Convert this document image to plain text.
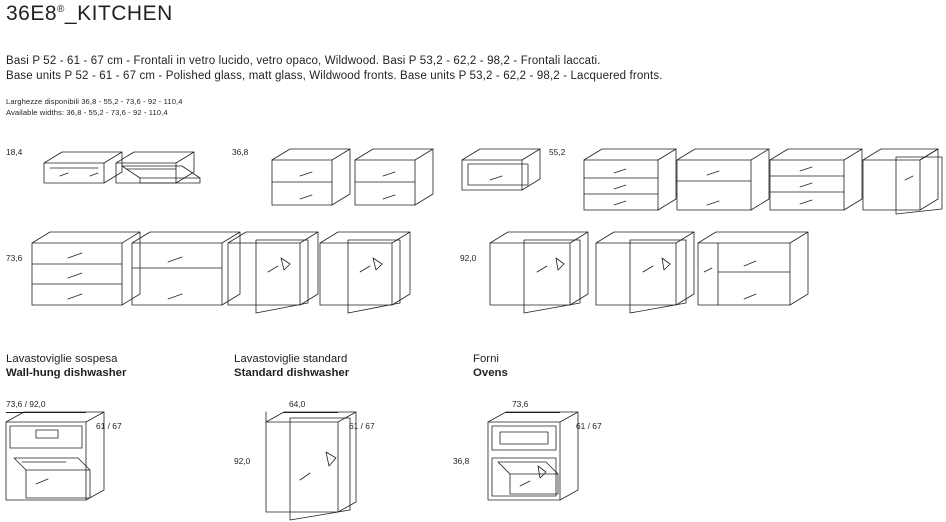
36E8®_KITCHEN
Basi P 52 - 61 - 67 cm - Frontali in vetro lucido, vetro opaco, Wildwood. Basi P 53,2 - 62,2 - 98,2 - Frontali laccati.
Base units P 52 - 61 - 67 cm - Polished glass, matt glass, Wildwood fronts. Base units P 53,2 - 62,2 - 98,2 - Lacquered fronts.
Larghezze disponibili 36,8 - 55,2 - 73,6 - 92 - 110,4
Available widths: 36,8 - 55,2 - 73,6 - 92 - 110,4
18,4	36,8	55,2
73,6	92,0
Lavastoviglie sospesa
Wall-hung dishwasher
Lavastoviglie standard
Standard dishwasher
Forni
Ovens
73,6 / 92,0
61 / 67
64,0
61 / 67
92,0
73,6
61 / 67
36,8
